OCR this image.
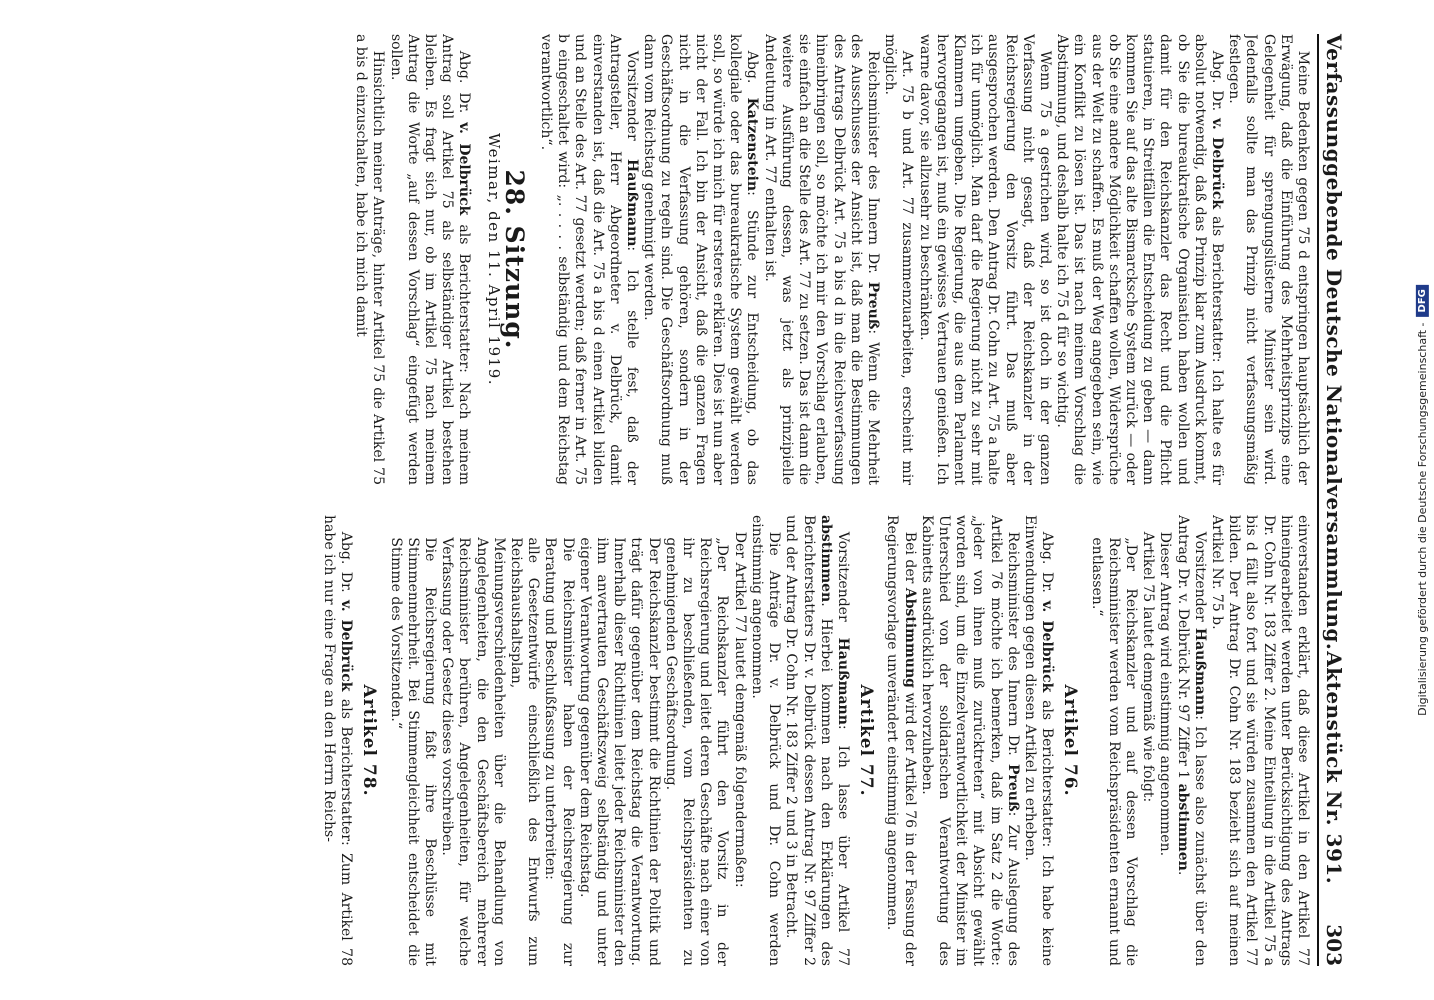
Verfassunggebende Deutsche Nationalversammlung.
Aktenstück Nr. 391.
303

Meine Bedenken gegen 75 d entspringen hauptsächlich der Erwägung, daß die Einführung des Mehrheitsprinzips eine Gelegenheit für sprengungslüsterne Minister sein wird. Jedenfalls sollte man das Prinzip nicht verfassungsmäßig festlegen.

Abg. Dr. v. Delbrück als Berichterstatter: Ich halte es für absolut notwendig, daß das Prinzip klar zum Ausdruck kommt, ob Sie die bureaukratische Organisation haben wollen und damit für den Reichskanzler das Recht und die Pflicht statuieren, in Streitfällen die Entscheidung zu geben — dann kommen Sie auf das alte Bismarcksche System zurück — oder ob Sie eine andere Möglichkeit schaffen wollen, Widersprüche aus der Welt zu schaffen. Es muß der Weg angegeben sein, wie ein Konflikt zu lösen ist. Das ist nach meinem Vorschlag die Abstimmung, und deshalb halte ich 75 d für so wichtig.

Wenn 75 a gestrichen wird, so ist doch in der ganzen Verfassung nicht gesagt, daß der Reichskanzler in der Reichsregierung den Vorsitz führt. Das muß aber ausgesprochen werden. Den Antrag Dr. Cohn zu Art. 75 a halte ich für unmöglich. Man darf die Regierung nicht zu sehr mit Klammern umgeben. Die Regierung, die aus dem Parlament hervorgegangen ist, muß ein gewisses Vertrauen genießen. Ich warne davor, sie allzusehr zu beschränken.

Art. 75 b und Art. 77 zusammenzuarbeiten, erscheint mir möglich.

Reichsminister des Innern Dr. Preuß: Wenn die Mehrheit des Ausschusses der Ansicht ist, daß man die Bestimmungen des Antrags Delbrück Art. 75 a bis d in die Reichsverfassung hineinbringen soll, so möchte ich mir den Vorschlag erlauben, sie einfach an die Stelle des Art. 77 zu setzen. Das ist dann die weitere Ausführung dessen, was jetzt als prinzipielle Andeutung in Art. 77 enthalten ist.

Abg. Katzenstein: Stünde zur Entscheidung, ob das kollegiale oder das bureaukratische System gewählt werden soll, so würde ich mich für ersteres erklären. Dies ist nun aber nicht der Fall. Ich bin der Ansicht, daß die ganzen Fragen nicht in die Verfassung gehören, sondern in der Geschäftsordnung zu regeln sind. Die Geschäftsordnung muß dann vom Reichstag genehmigt werden.

Vorsitzender Haußmann: Ich stelle fest, daß der Antragsteller, Herr Abgeordneter v. Delbrück, damit einverstanden ist, daß die Art. 75 a bis d einen Artikel bilden und an Stelle des Art. 77 gesetzt werden; daß ferner in Art. 75 b eingeschaltet wird: „. . . . . selbständig und dem Reichstag verantwortlich“.

28. Sitzung.
Weimar, den 11. April 1919.

Abg. Dr. v. Delbrück als Berichterstatter: Nach meinem Antrag soll Artikel 75 als selbständiger Artikel bestehen bleiben. Es fragt sich nur, ob im Artikel 75 nach meinem Antrag die Worte „auf dessen Vorschlag“ eingefügt werden sollen.

Hinsichtlich meiner Anträge, hinter Artikel 75 die Artikel 75 a bis d einzuschalten, habe ich mich damit

einverstanden erklärt, daß diese Artikel in den Artikel 77 hineingearbeitet werden unter Berücksichtigung des Antrags Dr. Cohn Nr. 183 Ziffer 2. Meine Einteilung in die Artikel 75 a bis d fällt also fort und sie würden zusammen den Artikel 77 bilden. Der Antrag Dr. Cohn Nr. 183 bezieht sich auf meinen Artikel Nr. 75 b.

Vorsitzender Haußmann: Ich lasse also zunächst über den Antrag Dr. v. Delbrück Nr. 97 Ziffer 1 abstimmen.

Dieser Antrag wird einstimmig angenommen.

Artikel 75 lautet demgemäß wie folgt:

„Der Reichskanzler und auf dessen Vorschlag die Reichsminister werden vom Reichspräsidenten ernannt und entlassen.“

Artikel 76.

Abg. Dr. v. Delbrück als Berichterstatter: Ich habe keine Einwendungen gegen diesen Artikel zu erheben.

Reichsminister des Innern Dr. Preuß: Zur Auslegung des Artikel 76 möchte ich bemerken, daß im Satz 2 die Worte: „jeder von ihnen muß zurücktreten“ mit Absicht gewählt worden sind, um die Einzelverantwortlichkeit der Minister im Unterschied von der solidarischen Verantwortung des Kabinetts ausdrücklich hervorzuheben.

Bei der Abstimmung wird der Artikel 76 in der Fassung der Regierungsvorlage unverändert einstimmig angenommen.

Artikel 77.

Vorsitzender Haußmann: Ich lasse über Artikel 77 abstimmen. Hierbei kommen nach den Erklärungen des Berichterstatters Dr. v. Delbrück dessen Antrag Nr. 97 Ziffer 2 und der Antrag Dr. Cohn Nr. 183 Ziffer 2 und 3 in Betracht.

Die Anträge Dr. v. Delbrück und Dr. Cohn werden einstimmig angenommen.

Der Artikel 77 lautet demgemäß folgendermaßen:

„Der Reichskanzler führt den Vorsitz in der Reichsregierung und leitet deren Geschäfte nach einer von ihr zu beschließenden, vom Reichspräsidenten zu genehmigenden Geschäftsordnung.

Der Reichskanzler bestimmt die Richtlinien der Politik und trägt dafür gegenüber dem Reichstag die Verantwortung. Innerhalb dieser Richtlinien leitet jeder Reichsminister den ihm anvertrauten Geschäftszweig selbständig und unter eigener Verantwortung gegenüber dem Reichstag.

Die Reichsminister haben der Reichsregierung zur Beratung und Beschlußfassung zu unterbreiten:

alle Gesetzentwürfe einschließlich des Entwurfs zum Reichshaushaltsplan,

Meinungsverschiedenheiten über die Behandlung von Angelegenheiten, die den Geschäftsbereich mehrerer Reichsminister berühren, Angelegenheiten, für welche Verfassung oder Gesetz dieses vorschreiben.

Die Reichsregierung faßt ihre Beschlüsse mit Stimmenmehrheit. Bei Stimmengleichheit entscheidet die Stimme des Vorsitzenden.“

Artikel 78.

Abg. Dr. v. Delbrück als Berichterstatter: Zum Artikel 78 habe ich nur eine Frage an den Herrn Reichs-	Digitalisierung gefördert durch die Deutsche Forschungsgemeinschaft -
DFG
